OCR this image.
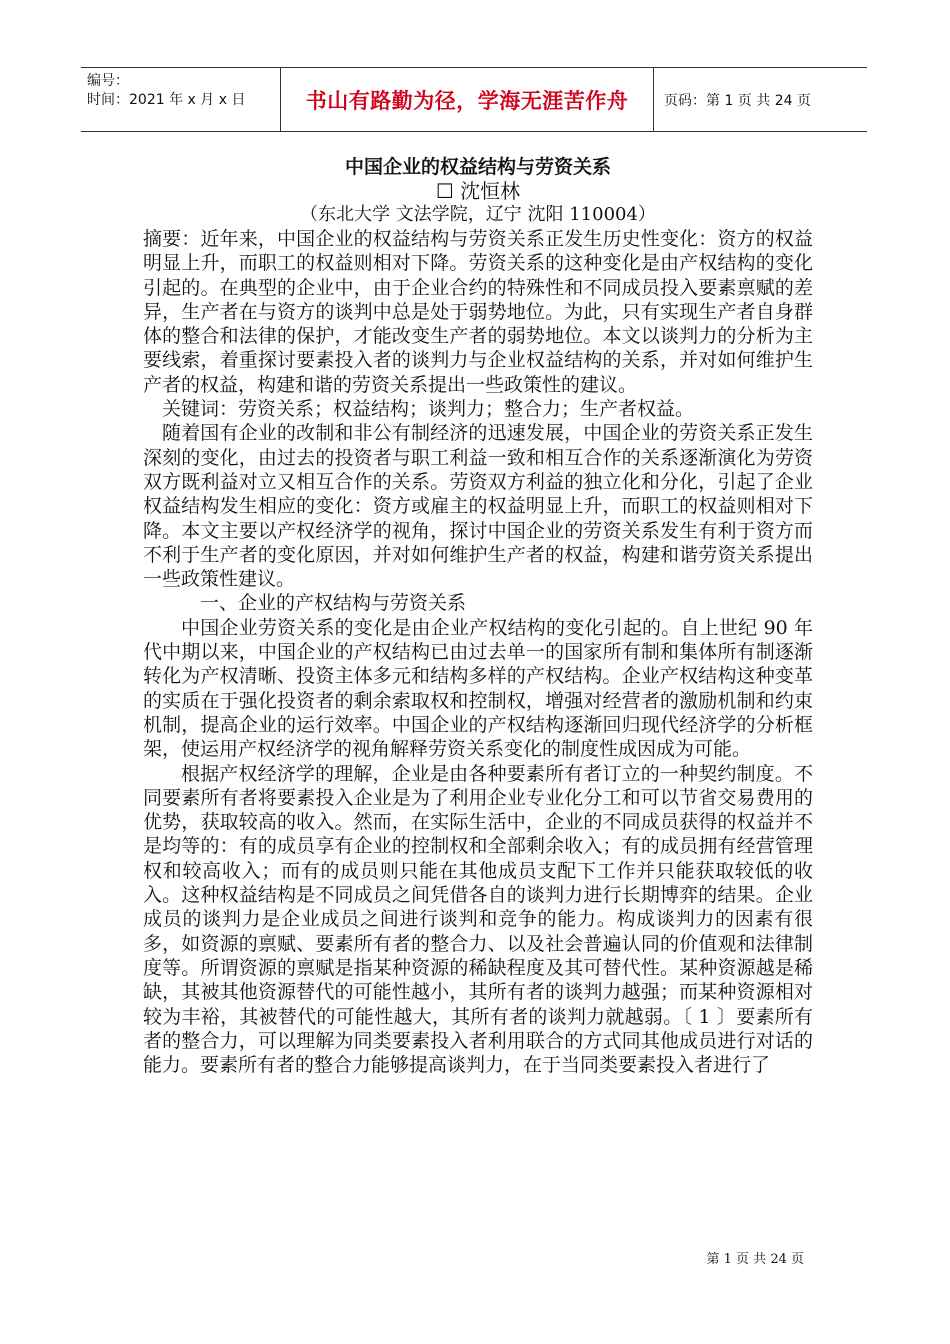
编号：
时间：2021 年 x 月 x 日	书山有路勤为径，学海无涯苦作舟	页码：第 1 页 共 24 页
中国企业的权益结构与劳资关系
☐ 沈恒林
（东北大学 文法学院，辽宁 沈阳 110004）

摘要：近年来，中国企业的权益结构与劳资关系正发生历史性变化：资方的权益明显上升，而职工的权益则相对下降。劳资关系的这种变化是由产权结构的变化引起的。在典型的企业中，由于企业合约的特殊性和不同成员投入要素禀赋的差异，生产者在与资方的谈判中总是处于弱势地位。为此，只有实现生产者自身群体的整合和法律的保护，才能改变生产者的弱势地位。本文以谈判力的分析为主要线索，着重探讨要素投入者的谈判力与企业权益结构的关系，并对如何维护生产者的权益，构建和谐的劳资关系提出一些政策性的建议。

关键词：劳资关系；权益结构；谈判力；整合力；生产者权益。

随着国有企业的改制和非公有制经济的迅速发展，中国企业的劳资关系正发生深刻的变化，由过去的投资者与职工利益一致和相互合作的关系逐渐演化为劳资双方既利益对立又相互合作的关系。劳资双方利益的独立化和分化，引起了企业权益结构发生相应的变化：资方或雇主的权益明显上升，而职工的权益则相对下降。本文主要以产权经济学的视角，探讨中国企业的劳资关系发生有利于资方而不利于生产者的变化原因，并对如何维护生产者的权益，构建和谐劳资关系提出一些政策性建议。

一、企业的产权结构与劳资关系

中国企业劳资关系的变化是由企业产权结构的变化引起的。自上世纪 90 年代中期以来，中国企业的产权结构已由过去单一的国家所有制和集体所有制逐渐转化为产权清晰、投资主体多元和结构多样的产权结构。企业产权结构这种变革的实质在于强化投资者的剩余索取权和控制权，增强对经营者的激励机制和约束机制，提高企业的运行效率。中国企业的产权结构逐渐回归现代经济学的分析框架，使运用产权经济学的视角解释劳资关系变化的制度性成因成为可能。

根据产权经济学的理解，企业是由各种要素所有者订立的一种契约制度。不同要素所有者将要素投入企业是为了利用企业专业化分工和可以节省交易费用的优势，获取较高的收入。然而，在实际生活中，企业的不同成员获得的权益并不是均等的：有的成员享有企业的控制权和全部剩余收入；有的成员拥有经营管理权和较高收入；而有的成员则只能在其他成员支配下工作并只能获取较低的收入。这种权益结构是不同成员之间凭借各自的谈判力进行长期博弈的结果。企业成员的谈判力是企业成员之间进行谈判和竞争的能力。构成谈判力的因素有很多，如资源的禀赋、要素所有者的整合力、以及社会普遍认同的价值观和法律制度等。所谓资源的禀赋是指某种资源的稀缺程度及其可替代性。某种资源越是稀缺，其被其他资源替代的可能性越小，其所有者的谈判力越强；而某种资源相对较为丰裕，其被替代的可能性越大，其所有者的谈判力就越弱。〔 1 〕要素所有者的整合力，可以理解为同类要素投入者利用联合的方式同其他成员进行对话的能力。要素所有者的整合力能够提高谈判力，在于当同类要素投入者进行了

第 1 页 共 24 页
